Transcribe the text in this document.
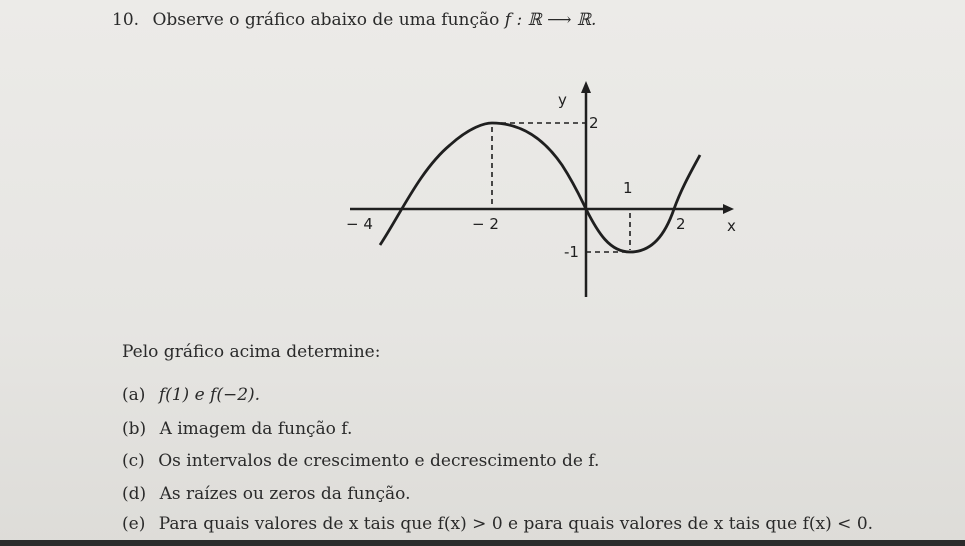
10. Observe o gráfico abaixo de uma função f : ℝ ⟶ ℝ.
− 4	− 2
1
2
2
-1
x
y
Pelo gráfico acima determine:
(a) f(1) e f(−2).
(b) A imagem da função f.
(c) Os intervalos de crescimento e decrescimento de f.
(d) As raízes ou zeros da função.
(e) Para quais valores de x tais que f(x) > 0 e para quais valores de x tais que f(x) < 0.
